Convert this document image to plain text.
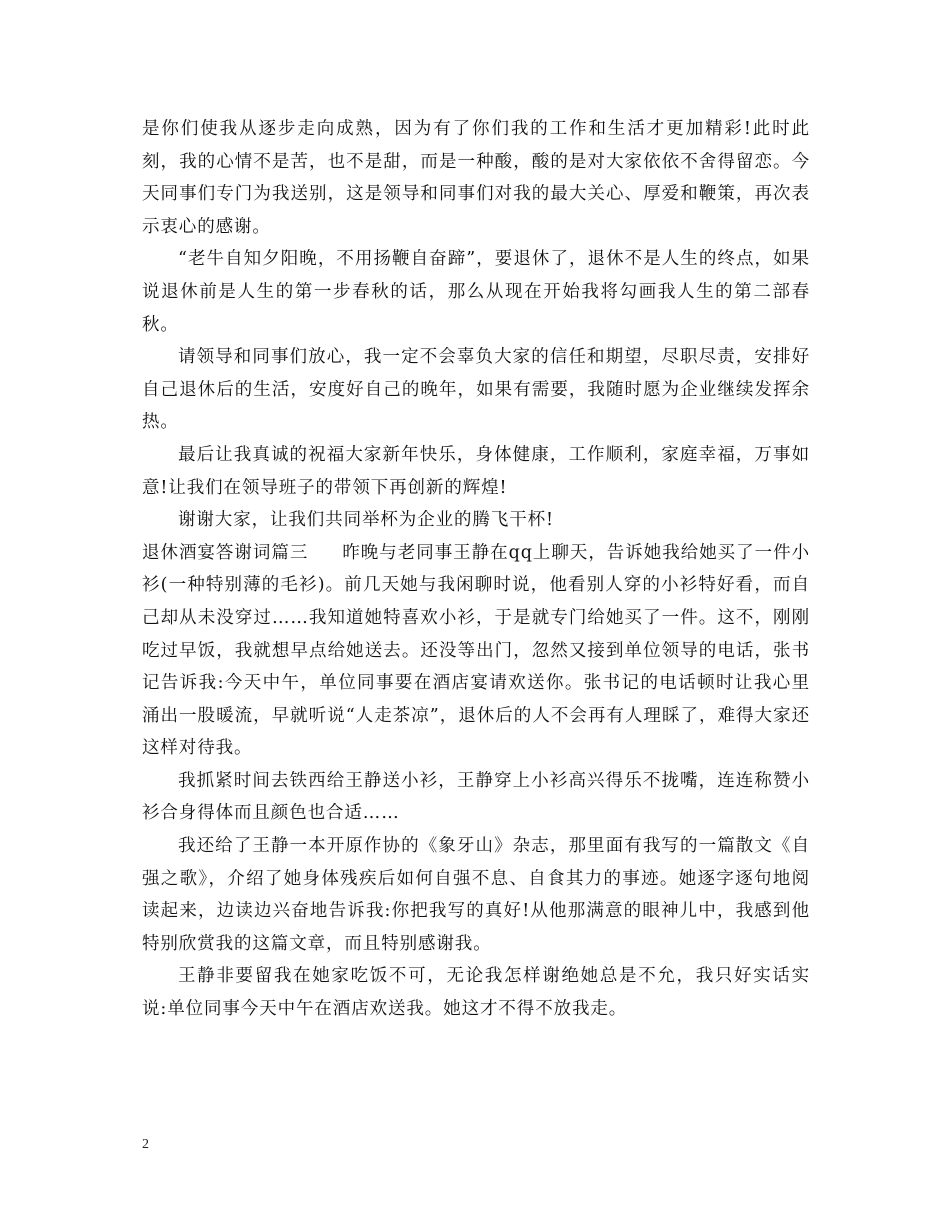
是你们使我从逐步走向成熟，因为有了你们我的工作和生活才更加精彩!此时此刻，我的心情不是苦，也不是甜，而是一种酸，酸的是对大家依依不舍得留恋。今天同事们专门为我送别，这是领导和同事们对我的最大关心、厚爱和鞭策，再次表示衷心的感谢。

“老牛自知夕阳晚，不用扬鞭自奋蹄”，要退休了，退休不是人生的终点，如果说退休前是人生的第一步春秋的话，那么从现在开始我将勾画我人生的第二部春秋。

请领导和同事们放心，我一定不会辜负大家的信任和期望，尽职尽责，安排好自己退休后的生活，安度好自己的晚年，如果有需要，我随时愿为企业继续发挥余热。

最后让我真诚的祝福大家新年快乐，身体健康，工作顺利，家庭幸福，万事如意!让我们在领导班子的带领下再创新的辉煌!

谢谢大家，让我们共同举杯为企业的腾飞干杯!

退休酒宴答谢词篇三 昨晚与老同事王静在qq上聊天，告诉她我给她买了一件小衫(一种特别薄的毛衫)。前几天她与我闲聊时说，他看别人穿的小衫特好看，而自己却从未没穿过……我知道她特喜欢小衫，于是就专门给她买了一件。这不，刚刚吃过早饭，我就想早点给她送去。还没等出门，忽然又接到单位领导的电话，张书记告诉我:今天中午，单位同事要在酒店宴请欢送你。张书记的电话顿时让我心里涌出一股暖流，早就听说“人走茶凉”，退休后的人不会再有人理睬了，难得大家还这样对待我。

我抓紧时间去铁西给王静送小衫，王静穿上小衫高兴得乐不拢嘴，连连称赞小衫合身得体而且颜色也合适……

我还给了王静一本开原作协的《象牙山》杂志，那里面有我写的一篇散文《自强之歌》，介绍了她身体残疾后如何自强不息、自食其力的事迹。她逐字逐句地阅读起来，边读边兴奋地告诉我:你把我写的真好!从他那满意的眼神儿中，我感到他特别欣赏我的这篇文章，而且特别感谢我。

王静非要留我在她家吃饭不可，无论我怎样谢绝她总是不允，我只好实话实说:单位同事今天中午在酒店欢送我。她这才不得不放我走。

2
